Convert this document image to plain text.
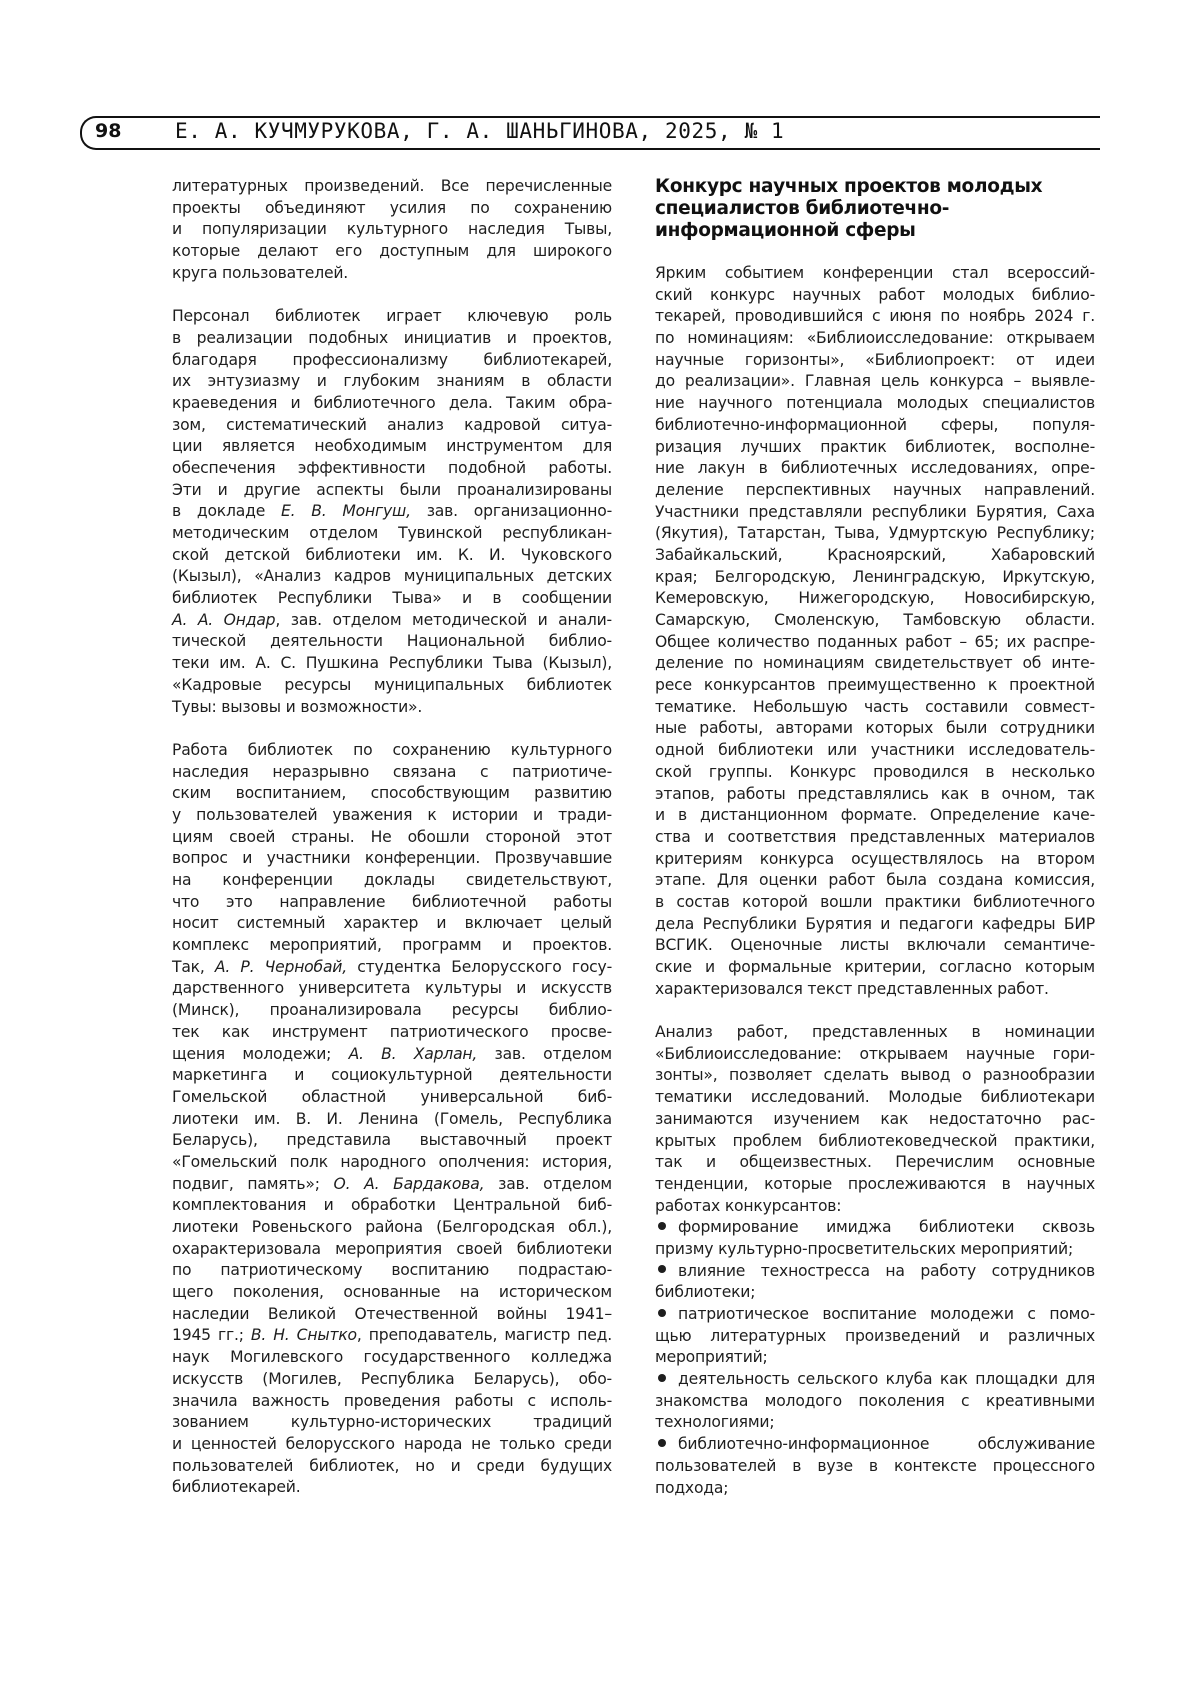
98	Е. А. КУЧМУРУКОВА, Г. А. ШАНЬГИНОВА, 2025, № 1
литературных произведений. Все перечисленные
проекты объединяют усилия по сохранению
и популяризации культурного наследия Тывы,
которые делают его доступным для широкого
круга пользователей.
Персонал библиотек играет ключевую роль
в реализации подобных инициатив и проектов,
благодаря профессионализму библиотекарей,
их энтузиазму и глубоким знаниям в области
краеведения и библиотечного дела. Таким обра-
зом, систематический анализ кадровой ситуа-
ции является необходимым инструментом для
обеспечения эффективности подобной работы.
Эти и другие аспекты были проанализированы
в докладе Е. В. Монгуш, зав. организационно-
методическим отделом Тувинской республикан-
ской детской библиотеки им. К. И. Чуковского
(Кызыл), «Анализ кадров муниципальных детских
библиотек Республики Тыва» и в сообщении
А. А. Ондар, зав. отделом методической и анали-
тической деятельности Национальной библио-
теки им. А. С. Пушкина Республики Тыва (Кызыл),
«Кадровые ресурсы муниципальных библиотек
Тувы: вызовы и возможности».
Работа библиотек по сохранению культурного
наследия неразрывно связана с патриотиче-
ским воспитанием, способствующим развитию
у пользователей уважения к истории и тради-
циям своей страны. Не обошли стороной этот
вопрос и участники конференции. Прозвучавшие
на конференции доклады свидетельствуют,
что это направление библиотечной работы
носит системный характер и включает целый
комплекс мероприятий, программ и проектов.
Так, А. Р. Чернобай, студентка Белорусского госу-
дарственного университета культуры и искусств
(Минск), проанализировала ресурсы библио-
тек как инструмент патриотического просве-
щения молодежи; А. В. Харлан, зав. отделом
маркетинга и социокультурной деятельности
Гомельской областной универсальной биб-
лиотеки им. В. И. Ленина (Гомель, Республика
Беларусь), представила выставочный проект
«Гомельский полк народного ополчения: история,
подвиг, память»; О. А. Бардакова, зав. отделом
комплектования и обработки Центральной биб-
лиотеки Ровеньского района (Белгородская обл.),
охарактеризовала мероприятия своей библиотеки
по патриотическому воспитанию подрастаю-
щего поколения, основанные на историческом
наследии Великой Отечественной войны 1941–
1945 гг.; В. Н. Снытко, преподаватель, магистр пед.
наук Могилевского государственного колледжа
искусств (Могилев, Республика Беларусь), обо-
значила важность проведения работы с исполь-
зованием культурно-исторических традиций
и ценностей белорусского народа не только среди
пользователей библиотек, но и среди будущих
библиотекарей.
Конкурс научных проектов молодых
специалистов библиотечно-
информационной сферы
Ярким событием конференции стал всероссий-
ский конкурс научных работ молодых библио-
текарей, проводившийся с июня по ноябрь 2024 г.
по номинациям: «Библиоисследование: открываем
научные горизонты», «Библиопроект: от идеи
до реализации». Главная цель конкурса – выявле-
ние научного потенциала молодых специалистов
библиотечно-информационной сферы, популя-
ризация лучших практик библиотек, восполне-
ние лакун в библиотечных исследованиях, опре-
деление перспективных научных направлений.
Участники представляли республики Бурятия, Саха
(Якутия), Татарстан, Тыва, Удмуртскую Республику;
Забайкальский, Красноярский, Хабаровский
края; Белгородскую, Ленинградскую, Иркутскую,
Кемеровскую, Нижегородскую, Новосибирскую,
Самарскую, Смоленскую, Тамбовскую области.
Общее количество поданных работ – 65; их распре-
деление по номинациям свидетельствует об инте-
ресе конкурсантов преимущественно к проектной
тематике. Небольшую часть составили совмест-
ные работы, авторами которых были сотрудники
одной библиотеки или участники исследователь-
ской группы. Конкурс проводился в несколько
этапов, работы представлялись как в очном, так
и в дистанционном формате. Определение каче-
ства и соответствия представленных материалов
критериям конкурса осуществлялось на втором
этапе. Для оценки работ была создана комиссия,
в состав которой вошли практики библиотечного
дела Республики Бурятия и педагоги кафедры БИР
ВСГИК. Оценочные листы включали семантиче-
ские и формальные критерии, согласно которым
характеризовался текст представленных работ.
Анализ работ, представленных в номинации
«Библиоисследование: открываем научные гори-
зонты», позволяет сделать вывод о разнообразии
тематики исследований. Молодые библиотекари
занимаются изучением как недостаточно рас-
крытых проблем библиотековедческой практики,
так и общеизвестных. Перечислим основные
тенденции, которые прослеживаются в научных
работах конкурсантов:
формирование имиджа библиотеки сквозь
призму культурно-просветительских мероприятий;
влияние техностресса на работу сотрудников
библиотеки;
патриотическое воспитание молодежи с помо-
щью литературных произведений и различных
мероприятий;
деятельность сельского клуба как площадки для
знакомства молодого поколения с креативными
технологиями;
библиотечно-информационное обслуживание
пользователей в вузе в контексте процессного
подхода;
